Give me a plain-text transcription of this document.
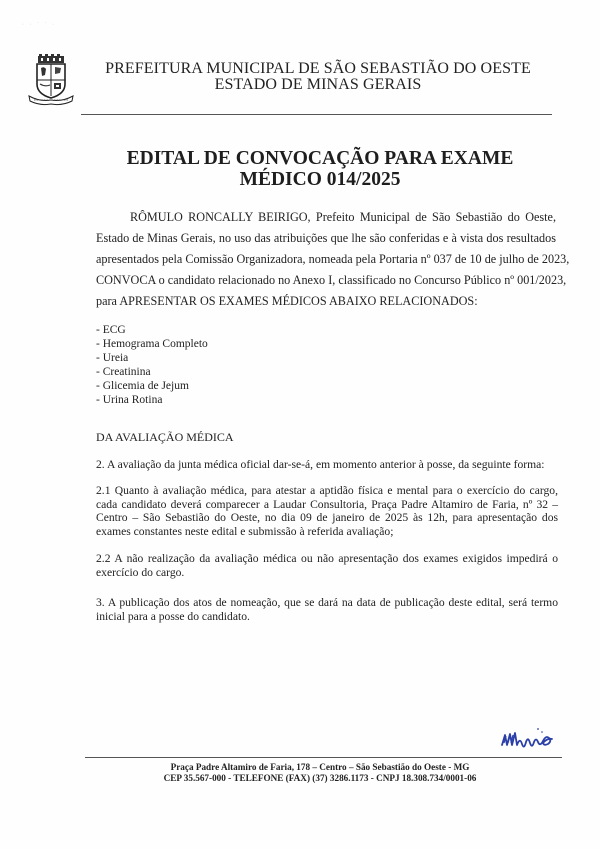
· · ˙ ˙ ·
PREFEITURA MUNICIPAL DE SÃO SEBASTIÃO DO OESTE
ESTADO DE MINAS GERAIS
EDITAL DE CONVOCAÇÃO PARA EXAME
MÉDICO 014/2025
RÔMULO RONCALLY BEIRIGO, Prefeito Municipal de São Sebastião do Oeste,
Estado de Minas Gerais, no uso das atribuições que lhe são conferidas e à vista dos resultados
apresentados pela Comissão Organizadora, nomeada pela Portaria nº 037 de 10 de julho de 2023,
CONVOCA o candidato relacionado no Anexo I, classificado no Concurso Público nº 001/2023,
para APRESENTAR OS EXAMES MÉDICOS ABAIXO RELACIONADOS:
- ECG
- Hemograma Completo
- Ureia
- Creatinina
- Glicemia de Jejum
- Urina Rotina
DA AVALIAÇÃO MÉDICA
2. A avaliação da junta médica oficial dar-se-á, em momento anterior à posse, da seguinte forma:
2.1 Quanto à avaliação médica, para atestar a aptidão física e mental para o exercício do cargo,
cada candidato deverá comparecer a Laudar Consultoria, Praça Padre Altamiro de Faria, nº 32 –
Centro – São Sebastião do Oeste, no dia 09 de janeiro de 2025 às 12h, para apresentação dos
exames constantes neste edital e submissão à referida avaliação;
2.2 A não realização da avaliação médica ou não apresentação dos exames exigidos impedirá o
exercício do cargo.
3. A publicação dos atos de nomeação, que se dará na data de publicação deste edital, será termo
inicial para a posse do candidato.
Praça Padre Altamiro de Faria, 178 – Centro – São Sebastião do Oeste - MG
CEP 35.567-000 - TELEFONE (FAX) (37) 3286.1173 - CNPJ 18.308.734/0001-06
